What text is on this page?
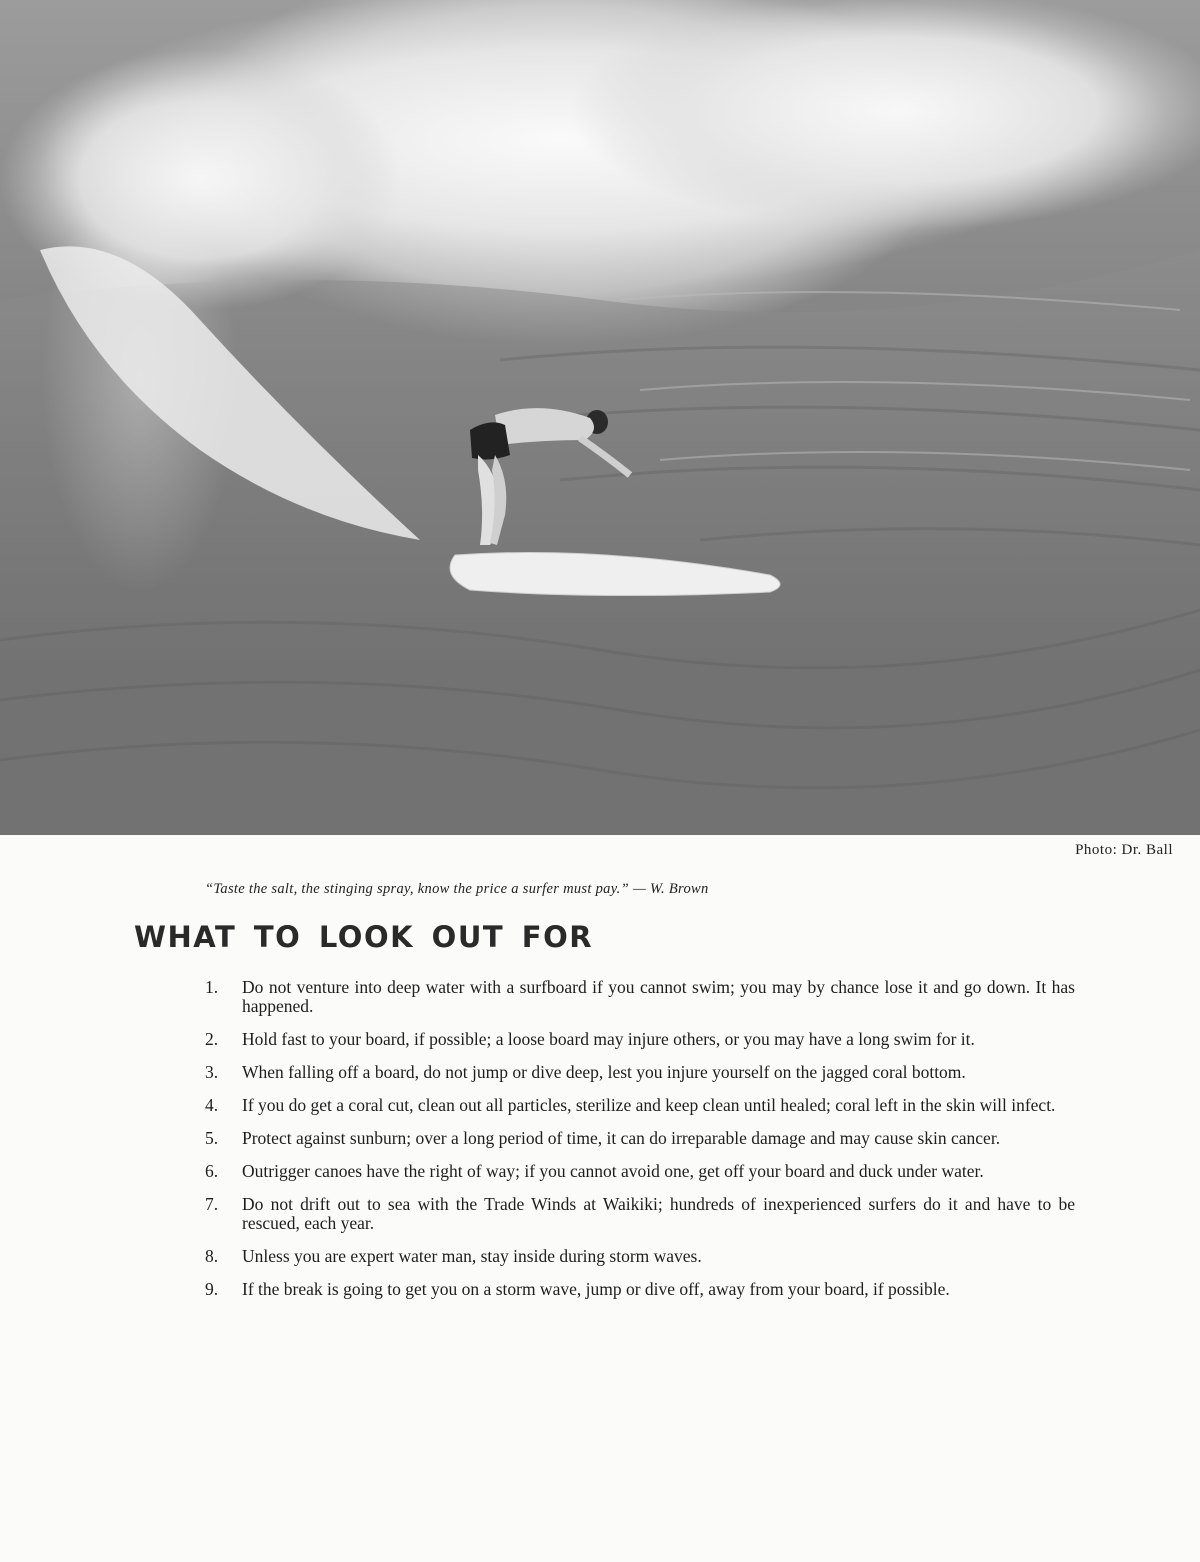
Photo: Dr. Ball
“Taste the salt, the stinging spray, know the price a surfer must pay.” — W. Brown
WHAT TO LOOK OUT FOR
1.	Do not venture into deep water with a surfboard if you cannot swim; you may by chance lose it and go down. It has happened.
2.	Hold fast to your board, if possible; a loose board may injure others, or you may have a long swim for it.
3.	When falling off a board, do not jump or dive deep, lest you injure yourself on the jagged coral bottom.
4.	If you do get a coral cut, clean out all particles, sterilize and keep clean until healed; coral left in the skin will infect.
5.	Protect against sunburn; over a long period of time, it can do irreparable damage and may cause skin cancer.
6.	Outrigger canoes have the right of way; if you cannot avoid one, get off your board and duck under water.
7.	Do not drift out to sea with the Trade Winds at Waikiki; hundreds of inexperienced surfers do it and have to be rescued, each year.
8.	Unless you are expert water man, stay inside during storm waves.
9.	If the break is going to get you on a storm wave, jump or dive off, away from your board, if possible.
